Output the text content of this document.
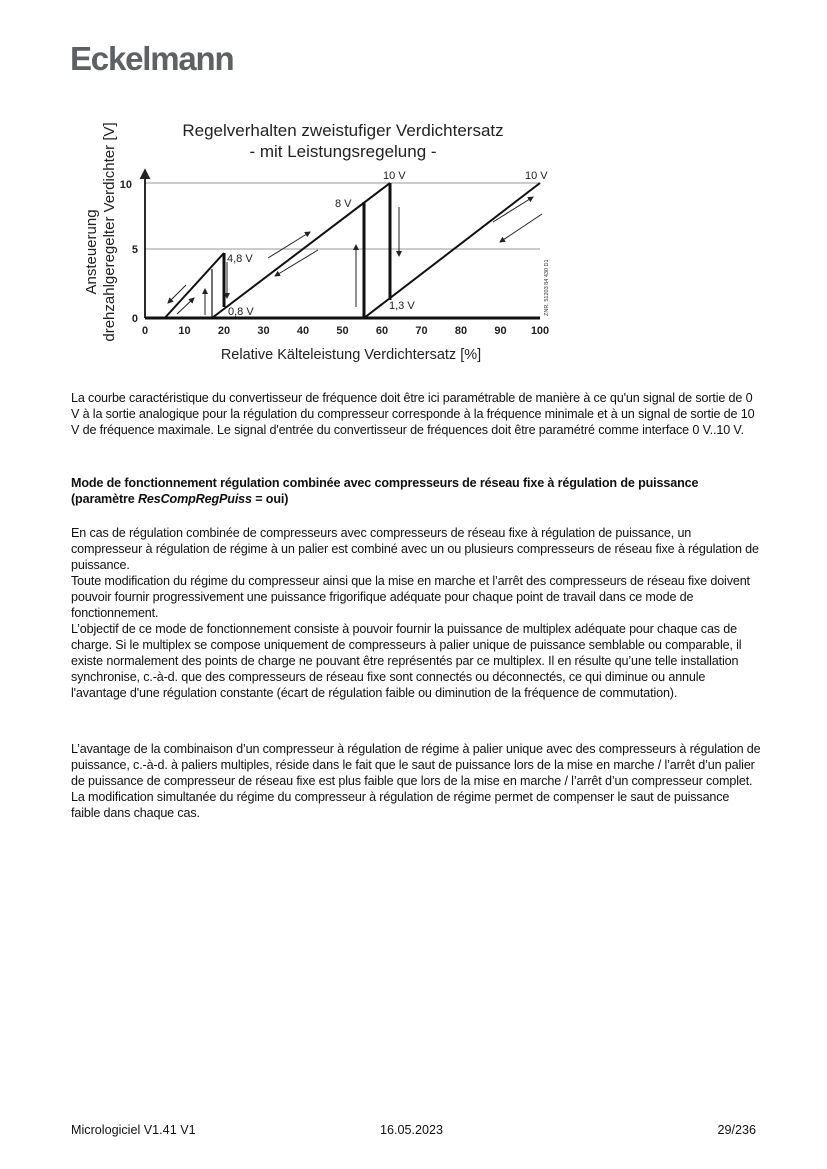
Eckelmann
Regelverhalten zweistufiger Verdichtersatz
- mit Leistungsregelung -
Ansteuerung drehzahlgeregelter Verdichter [V] 10
5
0
0	10 20 30 40 50 60 70 80 90 100
4,8 V
0,8 V
8 V
10 V
1,3 V
10 V
ZNR. 51203 84 430 D1
Relative Kälteleistung Verdichtersatz [%]

La courbe caractéristique du convertisseur de fréquence doit être ici paramétrable de manière à ce qu'un signal de sortie de 0 V à la sortie analogique pour la régulation du compresseur corresponde à la fréquence minimale et à un signal de sortie de 10 V de fréquence maximale. Le signal d'entrée du convertisseur de fréquences doit être paramétré comme interface 0 V..10 V.

Mode de fonctionnement régulation combinée avec compresseurs de réseau fixe à régulation de puissance (paramètre ResCompRegPuiss = oui)

En cas de régulation combinée de compresseurs avec compresseurs de réseau fixe à régulation de puissance, un compresseur à régulation de régime à un palier est combiné avec un ou plusieurs compresseurs de réseau fixe à régulation de puissance.

Toute modification du régime du compresseur ainsi que la mise en marche et l’arrêt des compresseurs de réseau fixe doivent pouvoir fournir progressivement une puissance frigorifique adéquate pour chaque point de travail dans ce mode de fonctionnement.

L’objectif de ce mode de fonctionnement consiste à pouvoir fournir la puissance de multiplex adéquate pour chaque cas de charge. Si le multiplex se compose uniquement de compresseurs à palier unique de puissance semblable ou comparable, il existe normalement des points de charge ne pouvant être représentés par ce multiplex. Il en résulte qu’une telle installation synchronise, c.-à-d. que des compresseurs de réseau fixe sont connectés ou déconnectés, ce qui diminue ou annule l'avantage d'une régulation constante (écart de régulation faible ou diminution de la fréquence de commutation).

L’avantage de la combinaison d’un compresseur à régulation de régime à palier unique avec des compresseurs à régulation de puissance, c.-à-d. à paliers multiples, réside dans le fait que le saut de puissance lors de la mise en marche / l’arrêt d’un palier de puissance de compresseur de réseau fixe est plus faible que lors de la mise en marche / l’arrêt d’un compresseur complet.

La modification simultanée du régime du compresseur à régulation de régime permet de compenser le saut de puissance faible dans chaque cas.

Micrologiciel V1.41 V1	16.05.2023	29/236
